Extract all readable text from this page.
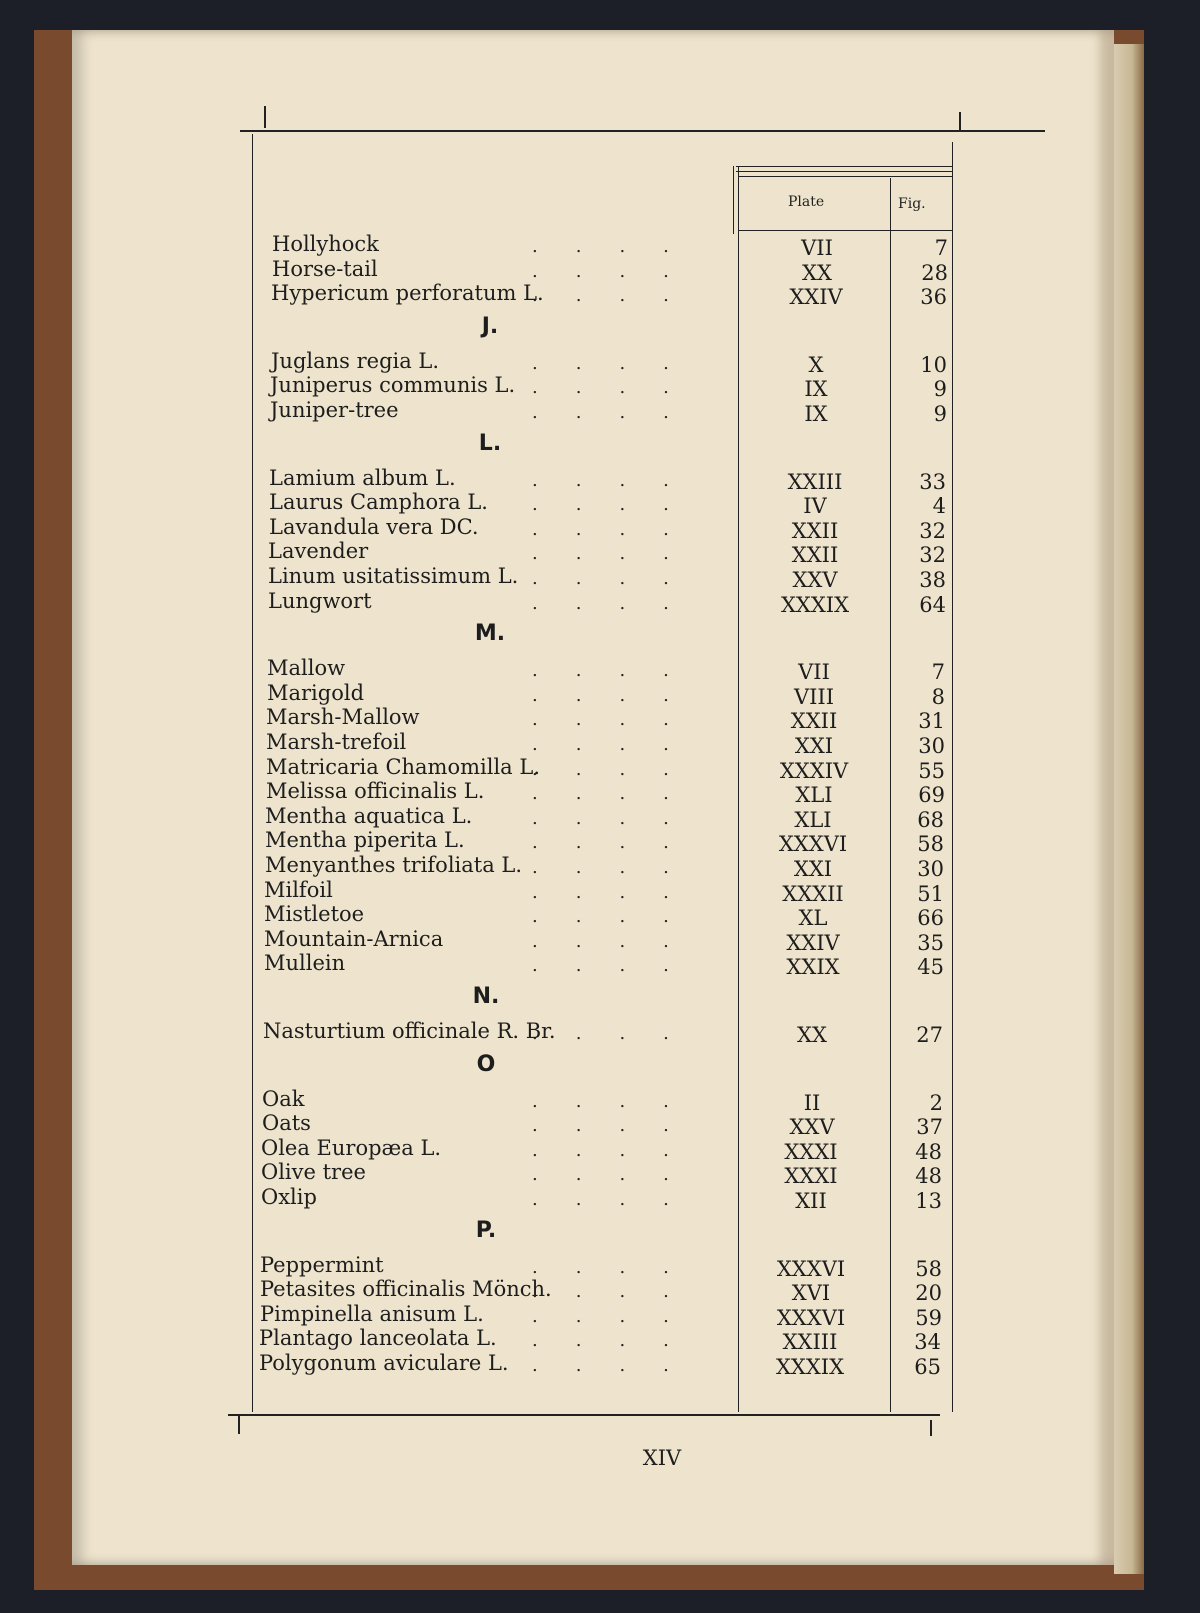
Plate	Fig.
Hollyhock	VII	7
....
Horse-tail	XX	28
....
Hypericum perforatum L.	XXIV	36
....
J.
Juglans regia L.	X	10
....
Juniperus communis L.	IX	9
....
Juniper-tree	IX	9
....
L.
Lamium album L.	XXIII	33
....
Laurus Camphora L.	IV	4
....
Lavandula vera DC.	XXII	32
....
Lavender	XXII	32
....
Linum usitatissimum L.	XXV	38
....
Lungwort	XXXIX	64
....
M.
Mallow	VII	7
....
Marigold	VIII	8
....
Marsh-Mallow	XXII	31
....
Marsh-trefoil	XXI	30
....
Matricaria Chamomilla L.	XXXIV	55
....
Melissa officinalis L.	XLI	69
....
Mentha aquatica L.	XLI	68
....
Mentha piperita L.	XXXVI	58
....
Menyanthes trifoliata L.	XXI	30
....
Milfoil	XXXII	51
....
Mistletoe	XL	66
....
Mountain-Arnica	XXIV	35
....
Mullein	XXIX	45
....
N.
Nasturtium officinale R. Br.	XX	27
....
O
Oak	II	2
....
Oats	XXV	37
....
Olea Europæa L.	XXXI	48
....
Olive tree	XXXI	48
....
Oxlip	XII	13
....
P.
Peppermint	XXXVI	58
....
Petasites officinalis Mönch.	XVI	20
....
Pimpinella anisum L.	XXXVI	59
....
Plantago lanceolata L.	XXIII	34
....
Polygonum aviculare L.	XXXIX	65
....
XIV
